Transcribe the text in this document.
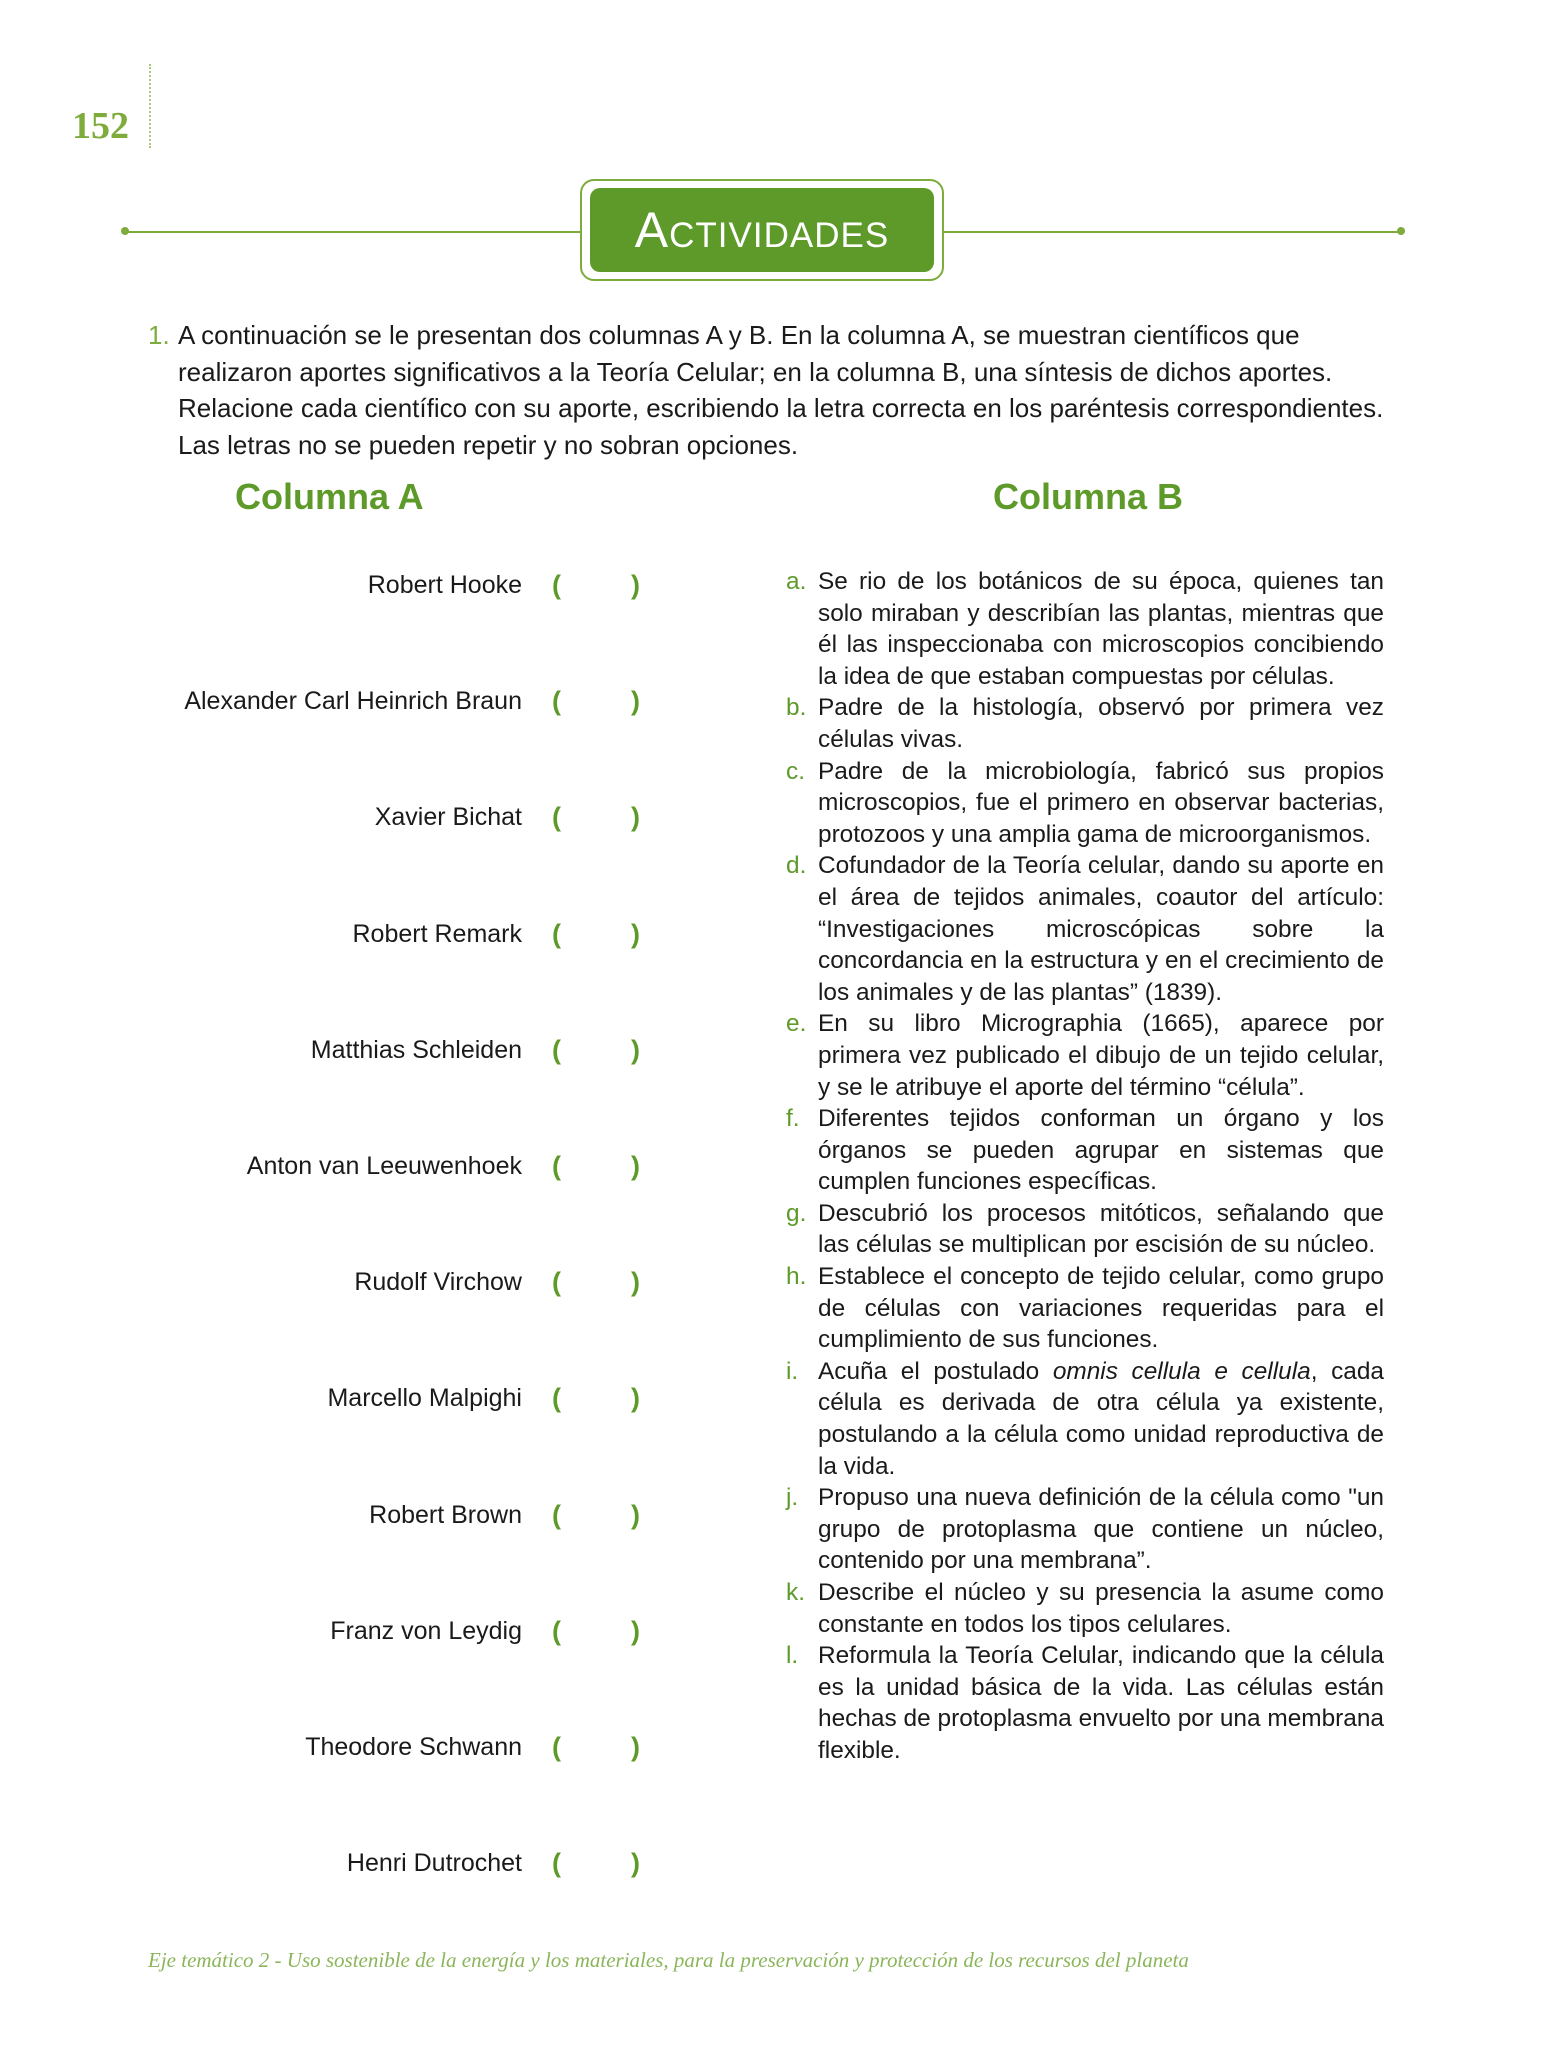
152
Actividades
1. A continuación se le presentan dos columnas A y B. En la columna A, se muestran científicos que realizaron aportes significativos a la Teoría Celular; en la columna B, una síntesis de dichos aportes. Relacione cada científico con su aporte, escribiendo la letra correcta en los paréntesis correspondientes. Las letras no se pueden repetir y no sobran opciones.
Columna A	Columna B
Robert Hooke (	)
Alexander Carl Heinrich Braun (	)
Xavier Bichat (	)
Robert Remark (	)
Matthias Schleiden (	)
Anton van Leeuwenhoek (	)
Rudolf Virchow (	)
Marcello Malpighi (	)
Robert Brown (	)
Franz von Leydig (	)
Theodore Schwann (	)
Henri Dutrochet (	)
a. Se rio de los botánicos de su época, quienes tan solo miraban y describían las plantas, mientras que él las inspeccionaba con microscopios concibiendo la idea de que estaban compuestas por células.
b. Padre de la histología, observó por primera vez células vivas.
c. Padre de la microbiología, fabricó sus propios microscopios, fue el primero en observar bacterias, protozoos y una amplia gama de microorganismos.
d. Cofundador de la Teoría celular, dando su aporte en el área de tejidos animales, coautor del artículo: “Investigaciones microscópicas sobre la concordancia en la estructura y en el crecimiento de los animales y de las plantas” (1839).
e. En su libro Micrographia (1665), aparece por primera vez publicado el dibujo de un tejido celular, y se le atribuye el aporte del término “célula”.
f. Diferentes tejidos conforman un órgano y los órganos se pueden agrupar en sistemas que cumplen funciones específicas.
g. Descubrió los procesos mitóticos, señalando que las células se multiplican por escisión de su núcleo.
h. Establece el concepto de tejido celular, como grupo de células con variaciones requeridas para el cumplimiento de sus funciones.
i. Acuña el postulado omnis cellula e cellula, cada célula es derivada de otra célula ya existente, postulando a la célula como unidad reproductiva de la vida.
j. Propuso una nueva definición de la célula como "un grupo de protoplasma que contiene un núcleo, contenido por una membrana”.
k. Describe el núcleo y su presencia la asume como constante en todos los tipos celulares.
l. Reformula la Teoría Celular, indicando que la célula es la unidad básica de la vida. Las células están hechas de protoplasma envuelto por una membrana flexible.
Eje temático 2 - Uso sostenible de la energía y los materiales, para la preservación y protección de los recursos del planeta
